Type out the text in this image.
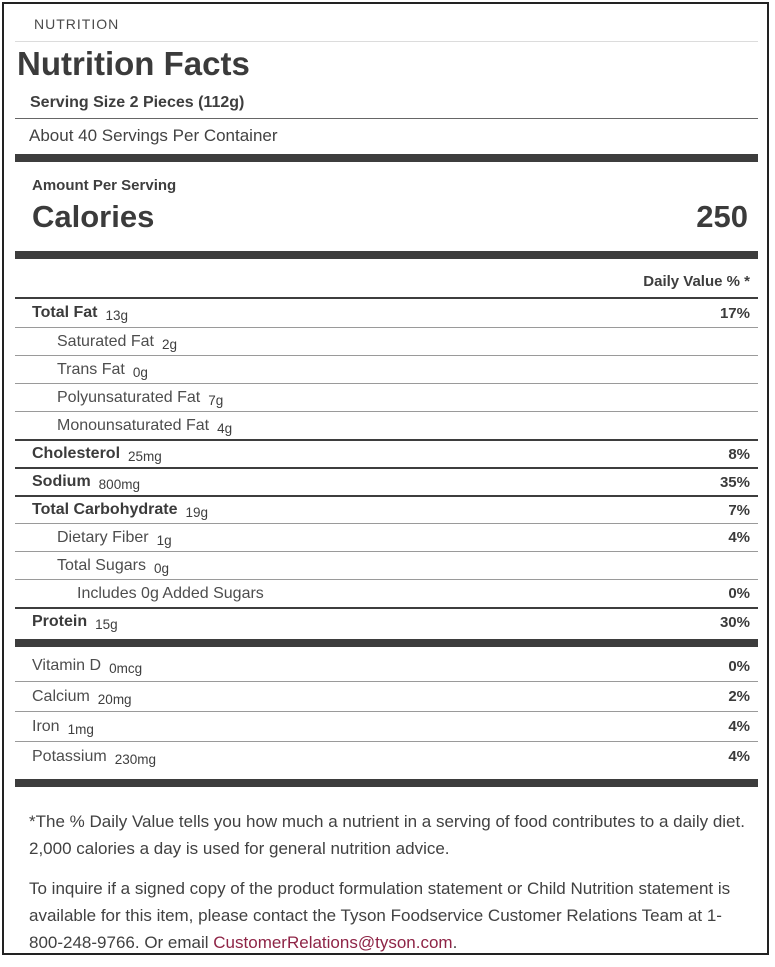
NUTRITION
Nutrition Facts
Serving Size 2 Pieces (112g)
About 40 Servings Per Container
Amount Per Serving
Calories	250
Daily Value % *
Total Fat 13g	17%
Saturated Fat 2g
Trans Fat 0g
Polyunsaturated Fat 7g
Monounsaturated Fat 4g
Cholesterol 25mg	8%
Sodium 800mg	35%
Total Carbohydrate 19g	7%
Dietary Fiber 1g	4%
Total Sugars 0g
Includes 0g Added Sugars	0%
Protein 15g	30%
Vitamin D 0mcg	0%
Calcium 20mg	2%
Iron 1mg	4%
Potassium 230mg	4%

*The % Daily Value tells you how much a nutrient in a serving of food contributes to a daily diet. 2,000 calories a day is used for general nutrition advice.

To inquire if a signed copy of the product formulation statement or Child Nutrition statement is available for this item, please contact the Tyson Foodservice Customer Relations Team at 1-800-248-9766. Or email CustomerRelations@tyson.com.
